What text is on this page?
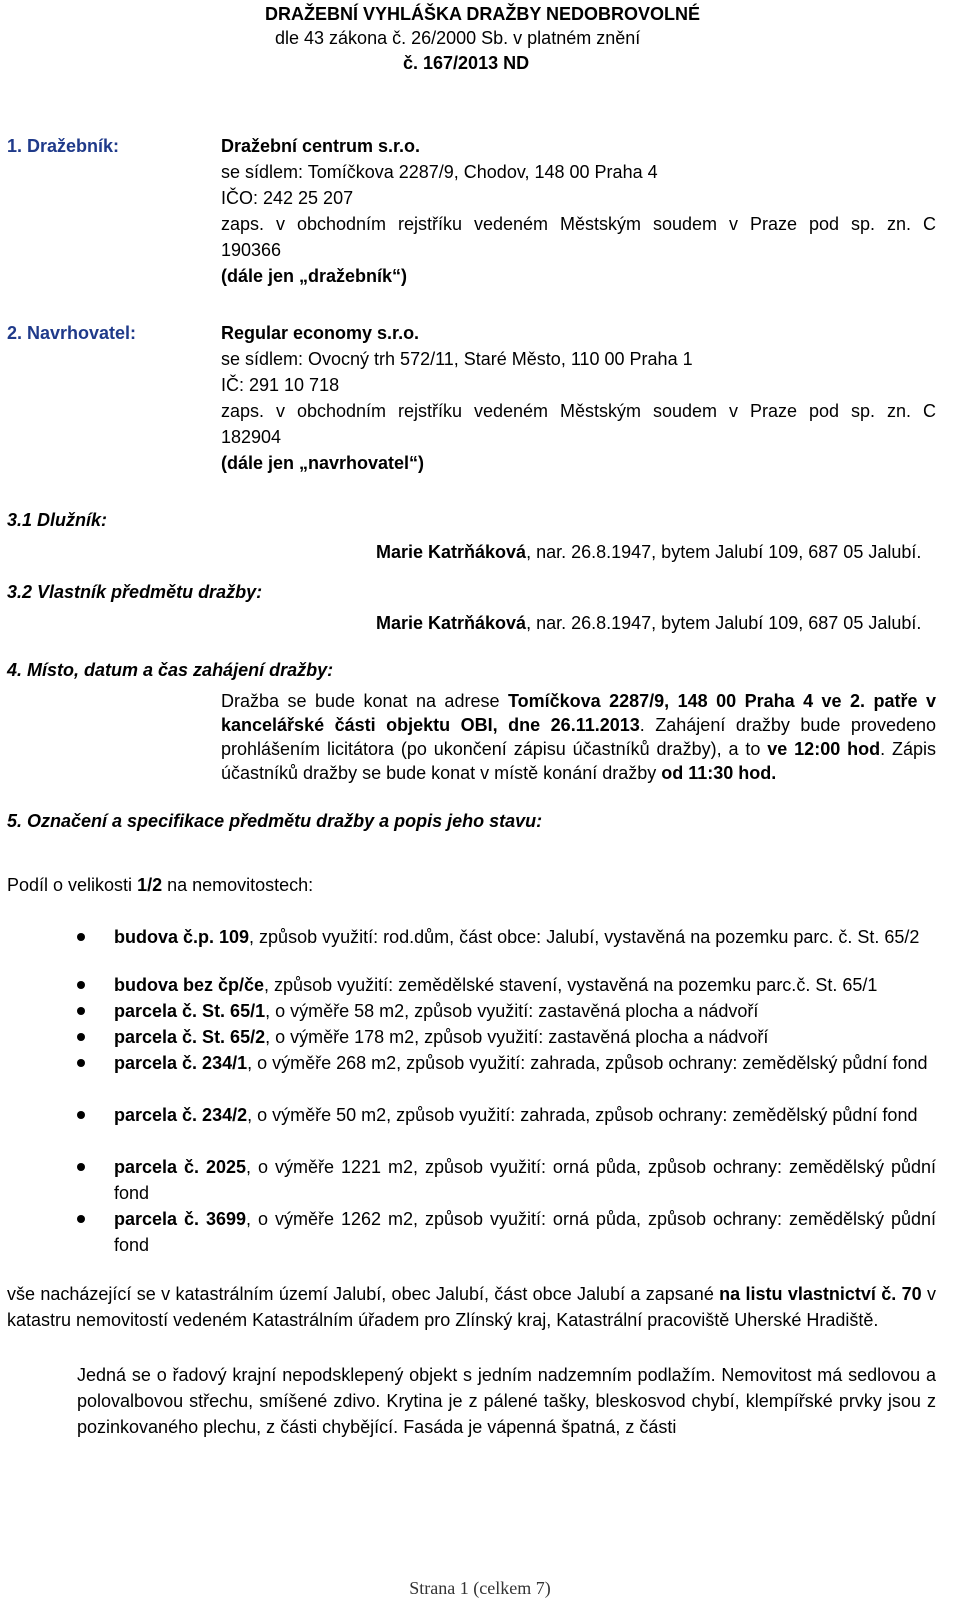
DRAŽEBNÍ VYHLÁŠKA DRAŽBY NEDOBROVOLNÉ
dle 43 zákona č. 26/2000 Sb. v platném znění
č. 167/2013 ND
1. Dražebník:	Dražební centrum s.r.o.
se sídlem: Tomíčkova 2287/9, Chodov, 148 00 Praha 4
IČO: 242 25 207
zaps. v obchodním rejstříku vedeném Městským soudem v Praze pod sp. zn. C
190366
(dále jen „dražebník“)
2. Navrhovatel:	Regular economy s.r.o.
se sídlem: Ovocný trh 572/11, Staré Město, 110 00 Praha 1
IČ: 291 10 718
zaps. v obchodním rejstříku vedeném Městským soudem v Praze pod sp. zn. C
182904
(dále jen „navrhovatel“)
3.1 Dlužník:
Marie Katrňáková, nar. 26.8.1947, bytem Jalubí 109, 687 05 Jalubí.
3.2 Vlastník předmětu dražby:
Marie Katrňáková, nar. 26.8.1947, bytem Jalubí 109, 687 05 Jalubí.
4. Místo, datum a čas zahájení dražby:
Dražba se bude konat na adrese Tomíčkova 2287/9, 148 00 Praha 4 ve 2. patře v kancelářské části objektu OBI, dne 26.11.2013. Zahájení dražby bude provedeno prohlášením licitátora (po ukončení zápisu účastníků dražby), a to ve 12:00 hod. Zápis účastníků dražby se bude konat v místě konání dražby od 11:30 hod.
5. Označení a specifikace předmětu dražby a popis jeho stavu:
Podíl o velikosti 1/2 na nemovitostech:
budova č.p. 109, způsob využití: rod.dům, část obce: Jalubí, vystavěná na pozemku parc. č. St. 65/2
budova bez čp/če, způsob využití: zemědělské stavení, vystavěná na pozemku parc.č. St. 65/1
parcela č. St. 65/1, o výměře 58 m2, způsob využití: zastavěná plocha a nádvoří
parcela č. St. 65/2, o výměře 178 m2, způsob využití: zastavěná plocha a nádvoří
parcela č. 234/1, o výměře 268 m2, způsob využití: zahrada, způsob ochrany: zemědělský půdní fond
parcela č. 234/2, o výměře 50 m2, způsob využití: zahrada, způsob ochrany: zemědělský půdní fond
parcela č. 2025, o výměře 1221 m2, způsob využití: orná půda, způsob ochrany: zemědělský půdní fond
parcela č. 3699, o výměře 1262 m2, způsob využití: orná půda, způsob ochrany: zemědělský půdní fond
vše nacházející se v katastrálním území Jalubí, obec Jalubí, část obce Jalubí a zapsané na listu vlastnictví č. 70 v katastru nemovitostí vedeném Katastrálním úřadem pro Zlínský kraj, Katastrální pracoviště Uherské Hradiště.
Jedná se o řadový krajní nepodsklepený objekt s jedním nadzemním podlažím. Nemovitost má sedlovou a polovalbovou střechu, smíšené zdivo. Krytina je z pálené tašky, bleskosvod chybí, klempířské prvky jsou z pozinkovaného plechu, z části chybějící. Fasáda je vápenná špatná, z části
Strana 1 (celkem 7)
